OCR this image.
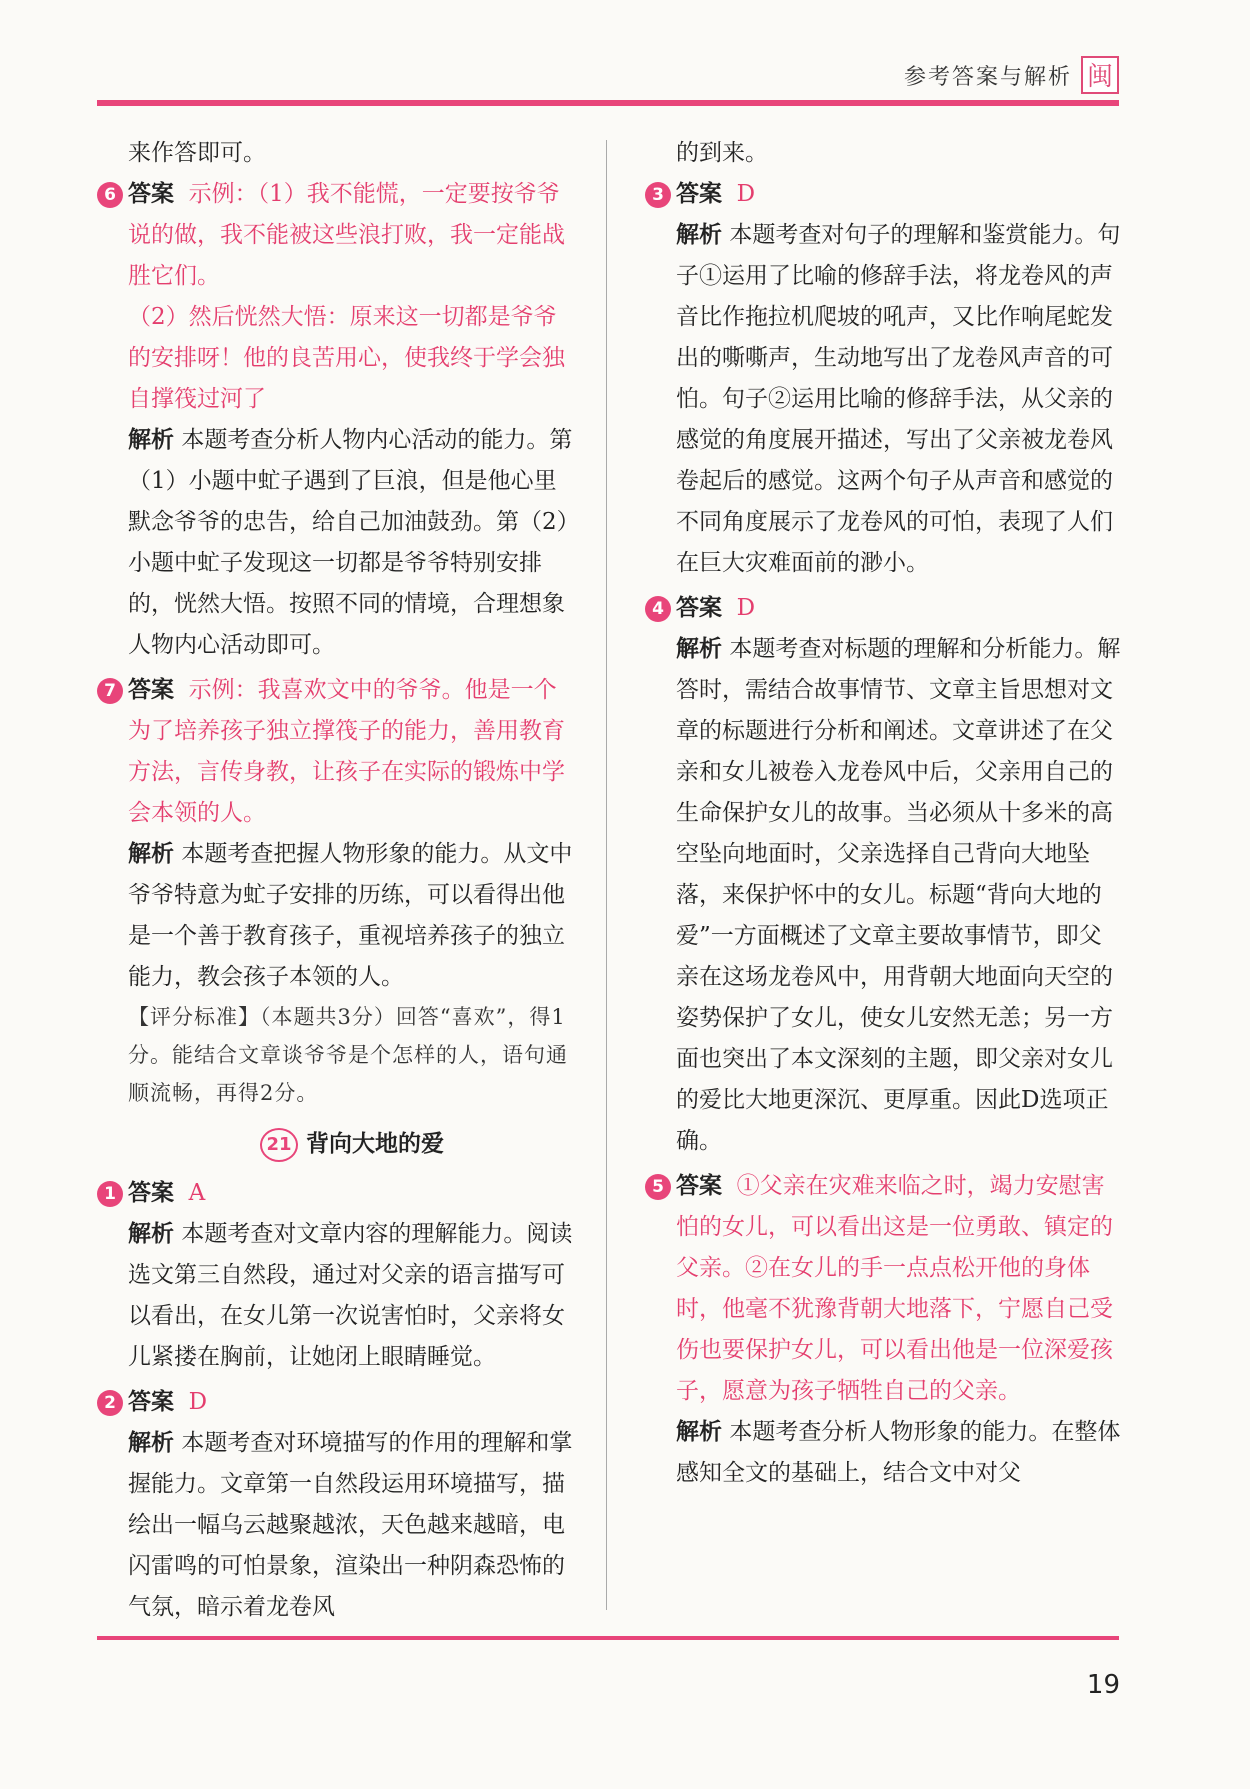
参考答案与解析 闽

来作答即可。

6 答案 示例：（1）我不能慌，一定要按爷爷说的做，我不能被这些浪打败，我一定能战胜它们。

（2）然后恍然大悟：原来这一切都是爷爷的安排呀！他的良苦用心，使我终于学会独自撑筏过河了

解析 本题考查分析人物内心活动的能力。第（1）小题中虻子遇到了巨浪，但是他心里默念爷爷的忠告，给自己加油鼓劲。第（2）小题中虻子发现这一切都是爷爷特别安排的，恍然大悟。按照不同的情境，合理想象人物内心活动即可。

7 答案 示例：我喜欢文中的爷爷。他是一个为了培养孩子独立撑筏子的能力，善用教育方法，言传身教，让孩子在实际的锻炼中学会本领的人。

解析 本题考查把握人物形象的能力。从文中爷爷特意为虻子安排的历练，可以看得出他是一个善于教育孩子，重视培养孩子的独立能力，教会孩子本领的人。

【评分标准】（本题共3分）回答“喜欢”，得1分。能结合文章谈爷爷是个怎样的人，语句通顺流畅，再得2分。

21 背向大地的爱
1 答案 A

解析 本题考查对文章内容的理解能力。阅读选文第三自然段，通过对父亲的语言描写可以看出，在女儿第一次说害怕时，父亲将女儿紧搂在胸前，让她闭上眼睛睡觉。

2 答案 D

解析 本题考查对环境描写的作用的理解和掌握能力。文章第一自然段运用环境描写，描绘出一幅乌云越聚越浓，天色越来越暗，电闪雷鸣的可怕景象，渲染出一种阴森恐怖的气氛，暗示着龙卷风

的到来。

3 答案 D

解析 本题考查对句子的理解和鉴赏能力。句子①运用了比喻的修辞手法，将龙卷风的声音比作拖拉机爬坡的吼声，又比作响尾蛇发出的嘶嘶声，生动地写出了龙卷风声音的可怕。句子②运用比喻的修辞手法，从父亲的感觉的角度展开描述，写出了父亲被龙卷风卷起后的感觉。这两个句子从声音和感觉的不同角度展示了龙卷风的可怕，表现了人们在巨大灾难面前的渺小。

4 答案 D

解析 本题考查对标题的理解和分析能力。解答时，需结合故事情节、文章主旨思想对文章的标题进行分析和阐述。文章讲述了在父亲和女儿被卷入龙卷风中后，父亲用自己的生命保护女儿的故事。当必须从十多米的高空坠向地面时，父亲选择自己背向大地坠落，来保护怀中的女儿。标题“背向大地的爱”一方面概述了文章主要故事情节，即父亲在这场龙卷风中，用背朝大地面向天空的姿势保护了女儿，使女儿安然无恙；另一方面也突出了本文深刻的主题，即父亲对女儿的爱比大地更深沉、更厚重。因此D选项正确。

5 答案 ①父亲在灾难来临之时，竭力安慰害怕的女儿，可以看出这是一位勇敢、镇定的父亲。②在女儿的手一点点松开他的身体时，他毫不犹豫背朝大地落下，宁愿自己受伤也要保护女儿，可以看出他是一位深爱孩子，愿意为孩子牺牲自己的父亲。

解析 本题考查分析人物形象的能力。在整体感知全文的基础上，结合文中对父

19
